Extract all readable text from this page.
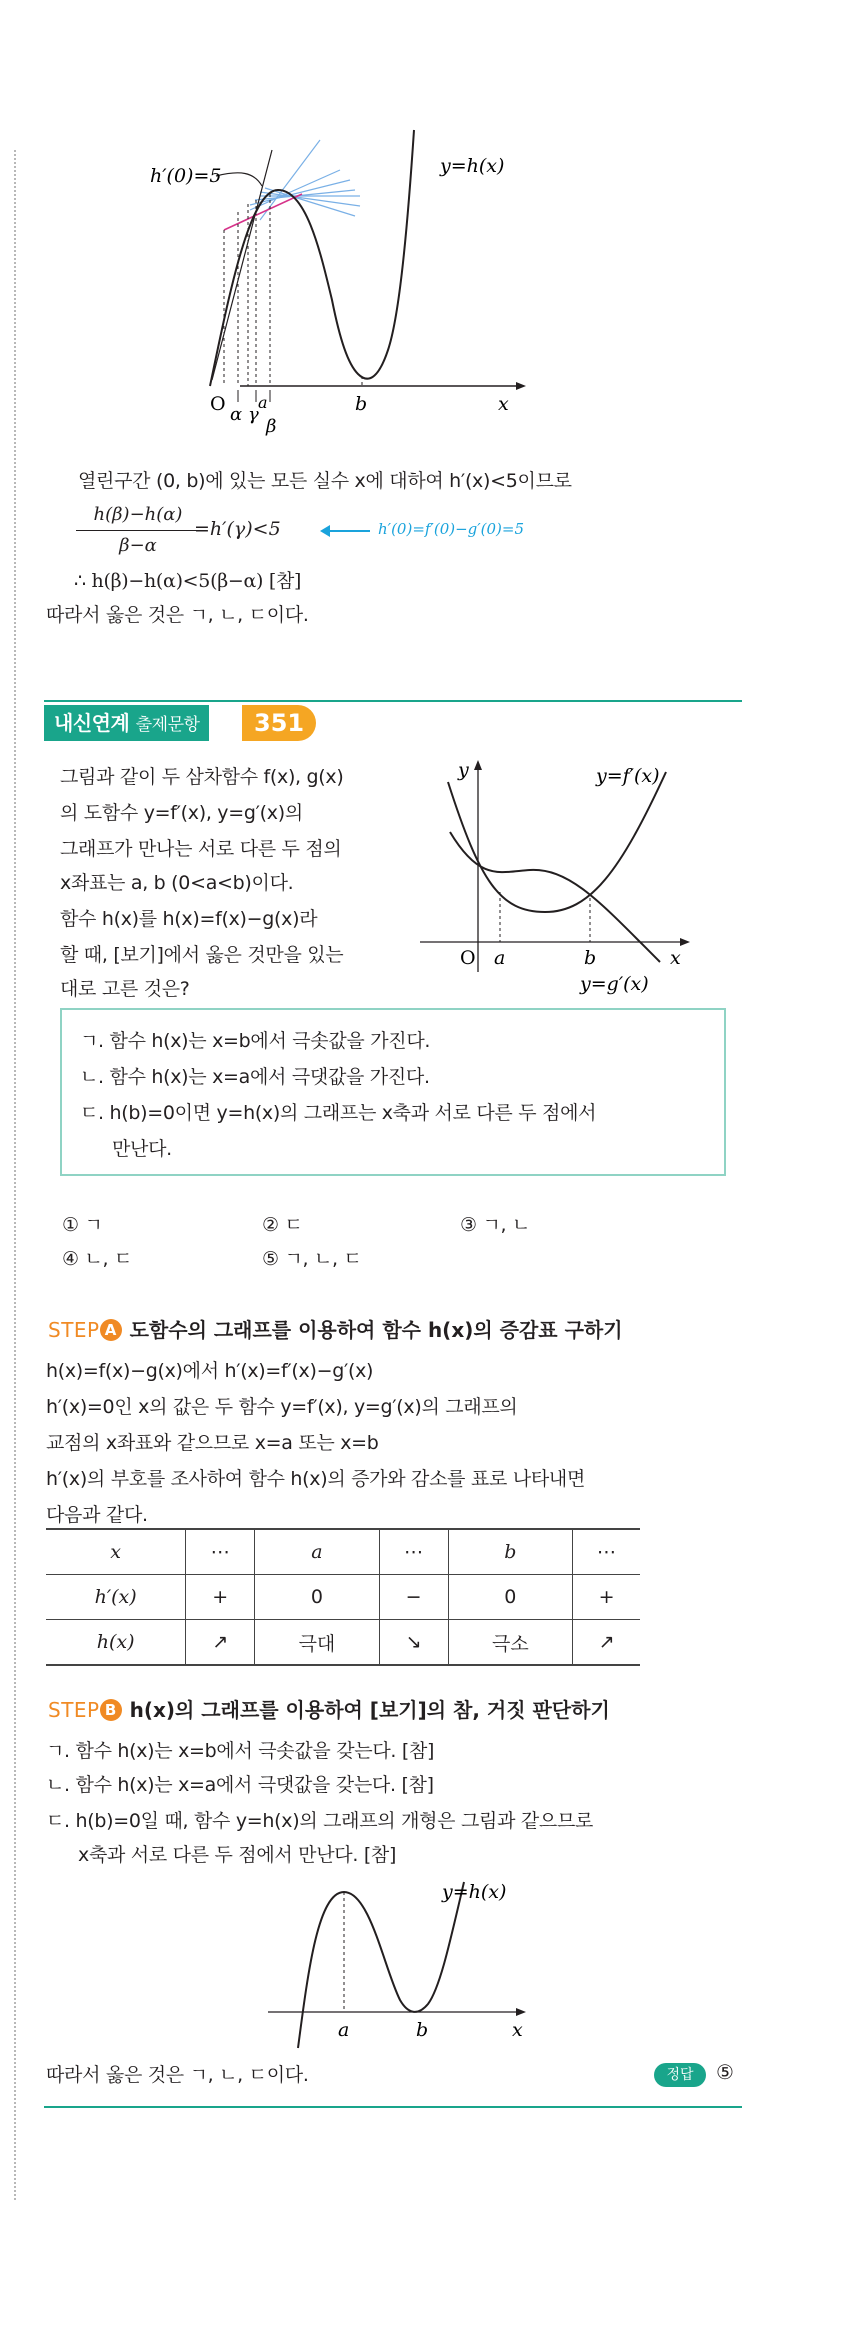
h′(0)=5	y=h(x)
O	x
b
α γ
a
β
열린구간 (0, b)에 있는 모든 실수 x에 대하여 h′(x)<5이므로
h(β)−h(α)
β−α
=h′(γ)<5	h′(0)=f′(0)−g′(0)=5
∴ h(β)−h(α)<5(β−α) [참]
따라서 옳은 것은 ㄱ, ㄴ, ㄷ이다.
내신연계 출제문항	351
그림과 같이 두 삼차함수 f(x), g(x)
의 도함수 y=f′(x), y=g′(x)의
그래프가 만나는 서로 다른 두 점의
x좌표는 a, b (0<a<b)이다.
함수 h(x)를 h(x)=f(x)−g(x)라
할 때, [보기]에서 옳은 것만을 있는
대로 고른 것은?
y	y=f′(x)
y=g′(x)
O a	b	x
ㄱ. 함수 h(x)는 x=b에서 극솟값을 가진다.
ㄴ. 함수 h(x)는 x=a에서 극댓값을 가진다.
ㄷ. h(b)=0이면 y=h(x)의 그래프는 x축과 서로 다른 두 점에서
만난다.
① ㄱ	② ㄷ	③ ㄱ, ㄴ
④ ㄴ, ㄷ	⑤ ㄱ, ㄴ, ㄷ
STEP A 도함수의 그래프를 이용하여 함수 h(x)의 증감표 구하기
h(x)=f(x)−g(x)에서 h′(x)=f′(x)−g′(x)
h′(x)=0인 x의 값은 두 함수 y=f′(x), y=g′(x)의 그래프의
교점의 x좌표와 같으므로 x=a 또는 x=b
h′(x)의 부호를 조사하여 함수 h(x)의 증가와 감소를 표로 나타내면
다음과 같다.
x	⋯	a	⋯	b	⋯
h′(x)	+	0	−	0	+
h(x)	↗	극대	↘	극소	↗
STEP B h(x)의 그래프를 이용하여 [보기]의 참, 거짓 판단하기
ㄱ. 함수 h(x)는 x=b에서 극솟값을 갖는다. [참]
ㄴ. 함수 h(x)는 x=a에서 극댓값을 갖는다. [참]
ㄷ. h(b)=0일 때, 함수 y=h(x)의 그래프의 개형은 그림과 같으므로
x축과 서로 다른 두 점에서 만난다. [참]
y=h(x)
a	b	x
따라서 옳은 것은 ㄱ, ㄴ, ㄷ이다.	정답	⑤
